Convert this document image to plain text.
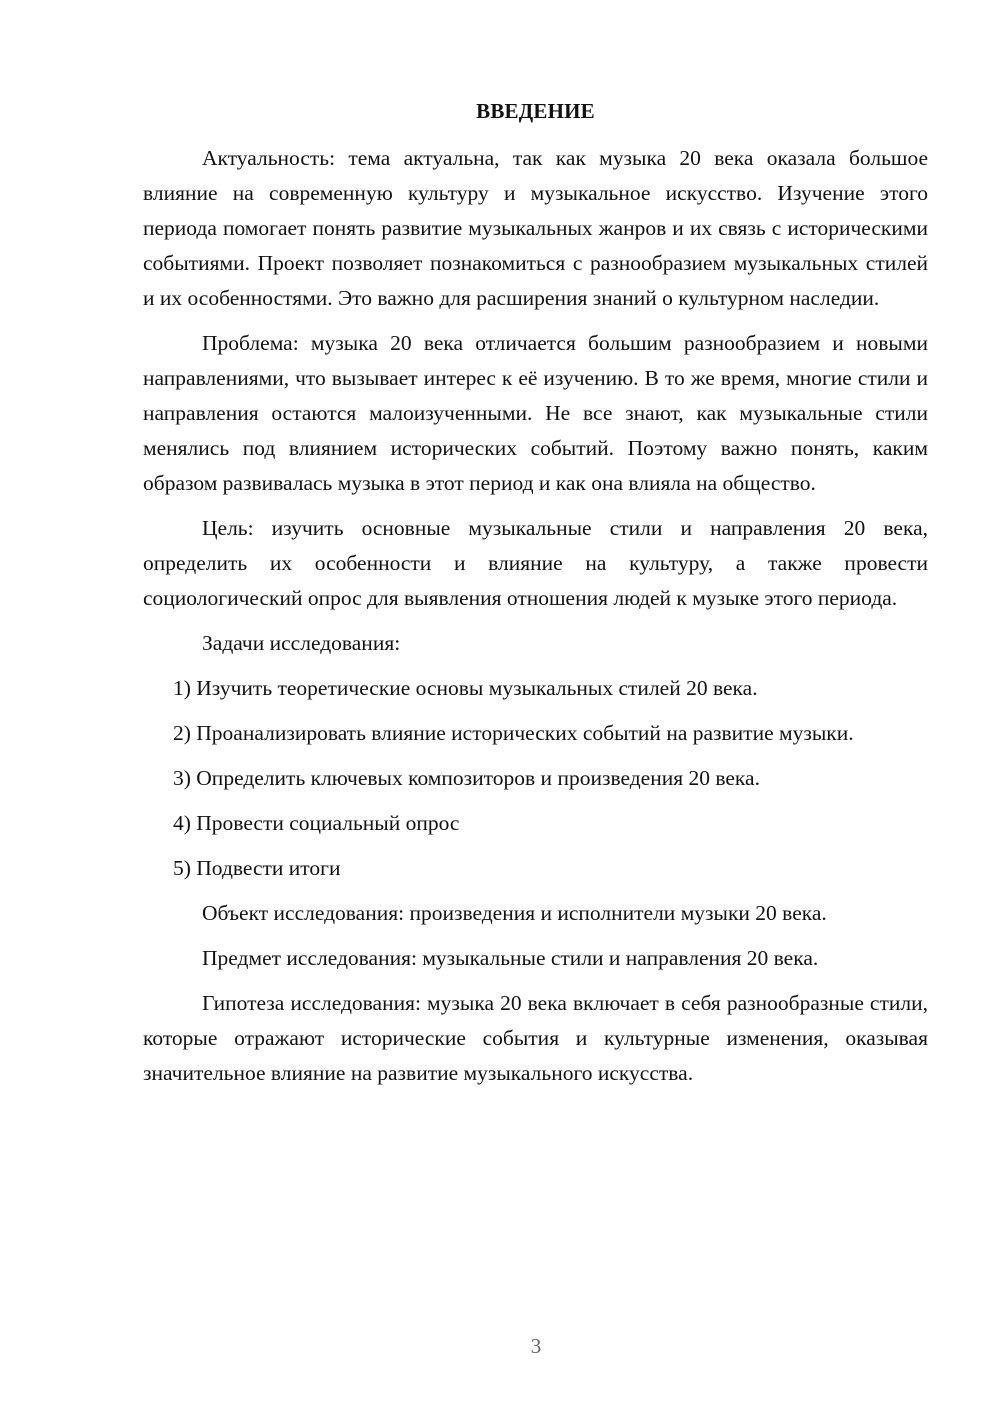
ВВЕДЕНИЕ

Актуальность: тема актуальна, так как музыка 20 века оказала большое влияние на современную культуру и музыкальное искусство. Изучение этого периода помогает понять развитие музыкальных жанров и их связь с историческими событиями. Проект позволяет познакомиться с разнообразием музыкальных стилей и их особенностями. Это важно для расширения знаний о культурном наследии.

Проблема: музыка 20 века отличается большим разнообразием и новыми направлениями, что вызывает интерес к её изучению. В то же время, многие стили и направления остаются малоизученными. Не все знают, как музыкальные стили менялись под влиянием исторических событий. Поэтому важно понять, каким образом развивалась музыка в этот период и как она влияла на общество.

Цель: изучить основные музыкальные стили и направления 20 века, определить их особенности и влияние на культуру, а также провести социологический опрос для выявления отношения людей к музыке этого периода.

Задачи исследования:

1) Изучить теоретические основы музыкальных стилей 20 века.

2) Проанализировать влияние исторических событий на развитие музыки.

3) Определить ключевых композиторов и произведения 20 века.

4) Провести социальный опрос

5) Подвести итоги

Объект исследования: произведения и исполнители музыки 20 века.

Предмет исследования: музыкальные стили и направления 20 века.

Гипотеза исследования: музыка 20 века включает в себя разнообразные стили, которые отражают исторические события и культурные изменения, оказывая значительное влияние на развитие музыкального искусства.

3
